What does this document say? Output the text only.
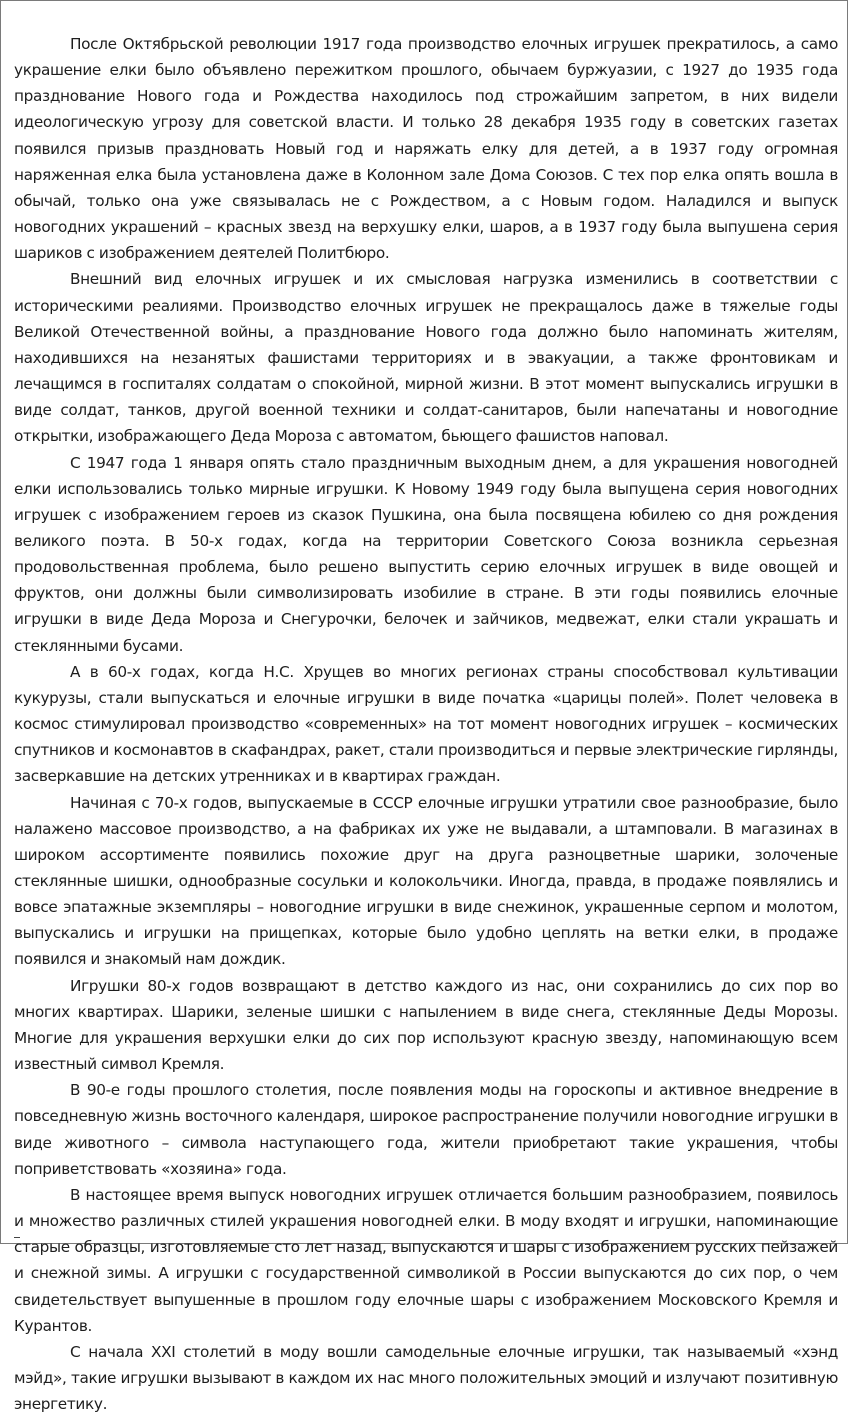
После Октябрьской революции 1917 года производство елочных игрушек прекратилось, а само украшение елки было объявлено пережитком прошлого, обычаем буржуазии, с 1927 до 1935 года празднование Нового года и Рождества находилось под строжайшим запретом, в них видели идеологическую угрозу для советской власти. И только 28 декабря 1935 году в советских газетах появился призыв праздновать Новый год и наряжать елку для детей, а в 1937 году огромная наряженная елка была установлена даже в Колонном зале Дома Союзов. С тех пор елка опять вошла в обычай, только она уже связывалась не с Рождеством, а с Новым годом. Наладился и выпуск новогодних украшений – красных звезд на верхушку елки, шаров, а в 1937 году была выпушена серия шариков с изображением деятелей Политбюро.

Внешний вид елочных игрушек и их смысловая нагрузка изменились в соответствии с историческими реалиями. Производство елочных игрушек не прекращалось даже в тяжелые годы Великой Отечественной войны, а празднование Нового года должно было напоминать жителям, находившихся на незанятых фашистами территориях и в эвакуации, а также фронтовикам и лечащимся в госпиталях солдатам о спокойной, мирной жизни. В этот момент выпускались игрушки в виде солдат, танков, другой военной техники и солдат-санитаров, были напечатаны и новогодние открытки, изображающего Деда Мороза с автоматом, бьющего фашистов наповал.

С 1947 года 1 января опять стало праздничным выходным днем, а для украшения новогодней елки использовались только мирные игрушки. К Новому 1949 году была выпущена серия новогодних игрушек с изображением героев из сказок Пушкина, она была посвящена юбилею со дня рождения великого поэта. В 50-х годах, когда на территории Советского Союза возникла серьезная продовольственная проблема, было решено выпустить серию елочных игрушек в виде овощей и фруктов, они должны были символизировать изобилие в стране. В эти годы появились елочные игрушки в виде Деда Мороза и Снегурочки, белочек и зайчиков, медвежат, елки стали украшать и стеклянными бусами.

А в 60-х годах, когда Н.С. Хрущев во многих регионах страны способствовал культивации кукурузы, стали выпускаться и елочные игрушки в виде початка «царицы полей». Полет человека в космос стимулировал производство «современных» на тот момент новогодних игрушек – космических спутников и космонавтов в скафандрах, ракет, стали производиться и первые электрические гирлянды, засверкавшие на детских утренниках и в квартирах граждан.

Начиная с 70-х годов, выпускаемые в СССР елочные игрушки утратили свое разнообразие, было налажено массовое производство, а на фабриках их уже не выдавали, а штамповали. В магазинах в широком ассортименте появились похожие друг на друга разноцветные шарики, золоченые стеклянные шишки, однообразные сосульки и колокольчики. Иногда, правда, в продаже появлялись и вовсе эпатажные экземпляры – новогодние игрушки в виде снежинок, украшенные серпом и молотом, выпускались и игрушки на прищепках, которые было удобно цеплять на ветки елки, в продаже появился и знакомый нам дождик.

Игрушки 80-х годов возвращают в детство каждого из нас, они сохранились до сих пор во многих квартирах. Шарики, зеленые шишки с напылением в виде снега, стеклянные Деды Морозы. Многие для украшения верхушки елки до сих пор используют красную звезду, напоминающую всем известный символ Кремля.

В 90-е годы прошлого столетия, после появления моды на гороскопы и активное внедрение в повседневную жизнь восточного календаря, широкое распространение получили новогодние игрушки в виде животного – символа наступающего года, жители приобретают такие украшения, чтобы поприветствовать «хозяина» года.

В настоящее время выпуск новогодних игрушек отличается большим разнообразием, появилось и множество различных стилей украшения новогодней елки. В моду входят и игрушки, напоминающие старые образцы, изготовляемые сто лет назад, выпускаются и шары с изображением русских пейзажей и снежной зимы. А игрушки с государственной символикой в России выпускаются до сих пор, о чем свидетельствует выпушенные в прошлом году елочные шары с изображением Московского Кремля и Курантов.

С начала XXI столетий в моду вошли самодельные елочные игрушки, так называемый «хэнд мэйд», такие игрушки вызывают в каждом их нас много положительных эмоций и излучают позитивную энергетику.
